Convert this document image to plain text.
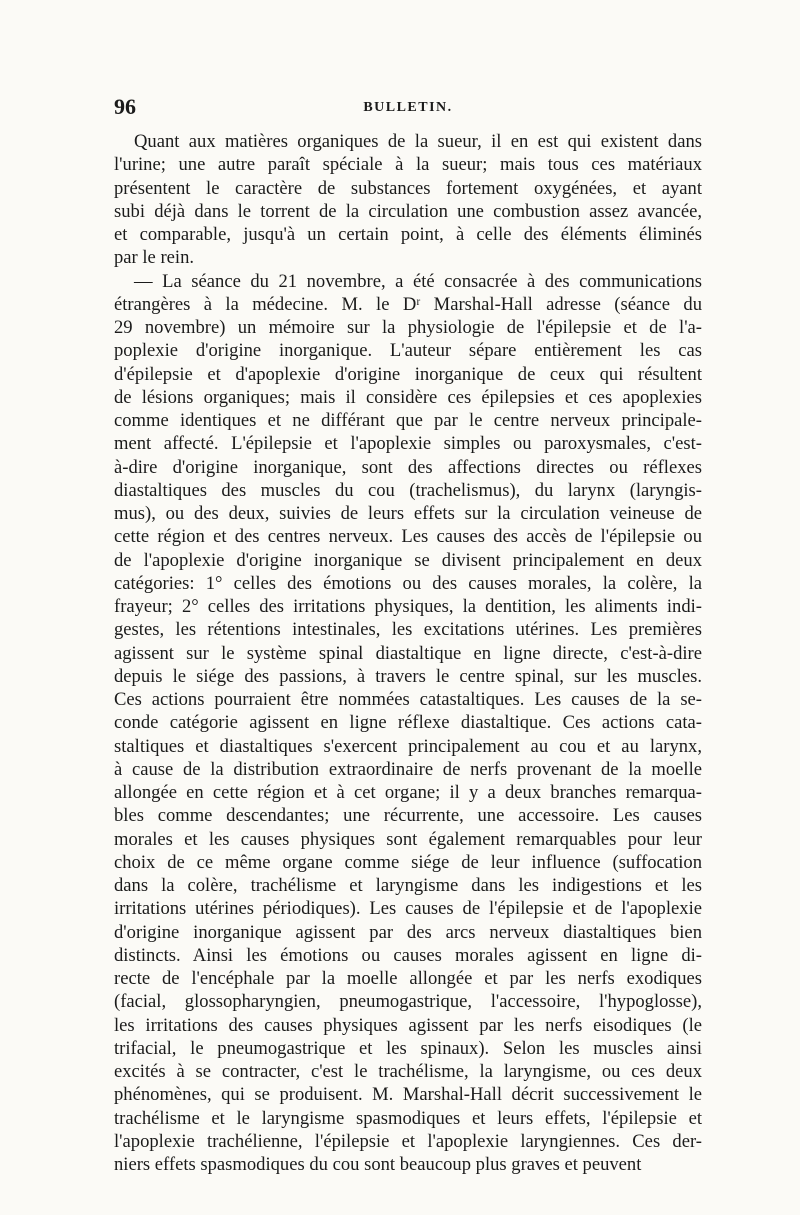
96	BULLETIN.
Quant aux matières organiques de la sueur, il en est qui existent dans
l'urine; une autre paraît spéciale à la sueur; mais tous ces matériaux
présentent le caractère de substances fortement oxygénées, et ayant
subi déjà dans le torrent de la circulation une combustion assez avancée,
et comparable, jusqu'à un certain point, à celle des éléments éliminés
par le rein.
— La séance du 21 novembre, a été consacrée à des communications
étrangères à la médecine. M. le Dʳ Marshal-Hall adresse (séance du
29 novembre) un mémoire sur la physiologie de l'épilepsie et de l'a-
poplexie d'origine inorganique. L'auteur sépare entièrement les cas
d'épilepsie et d'apoplexie d'origine inorganique de ceux qui résultent
de lésions organiques; mais il considère ces épilepsies et ces apoplexies
comme identiques et ne différant que par le centre nerveux principale-
ment affecté. L'épilepsie et l'apoplexie simples ou paroxysmales, c'est-
à-dire d'origine inorganique, sont des affections directes ou réflexes
diastaltiques des muscles du cou (trachelismus), du larynx (laryngis-
mus), ou des deux, suivies de leurs effets sur la circulation veineuse de
cette région et des centres nerveux. Les causes des accès de l'épilepsie ou
de l'apoplexie d'origine inorganique se divisent principalement en deux
catégories: 1° celles des émotions ou des causes morales, la colère, la
frayeur; 2° celles des irritations physiques, la dentition, les aliments indi-
gestes, les rétentions intestinales, les excitations utérines. Les premières
agissent sur le système spinal diastaltique en ligne directe, c'est-à-dire
depuis le siége des passions, à travers le centre spinal, sur les muscles.
Ces actions pourraient être nommées catastaltiques. Les causes de la se-
conde catégorie agissent en ligne réflexe diastaltique. Ces actions cata-
staltiques et diastaltiques s'exercent principalement au cou et au larynx,
à cause de la distribution extraordinaire de nerfs provenant de la moelle
allongée en cette région et à cet organe; il y a deux branches remarqua-
bles comme descendantes; une récurrente, une accessoire. Les causes
morales et les causes physiques sont également remarquables pour leur
choix de ce même organe comme siége de leur influence (suffocation
dans la colère, trachélisme et laryngisme dans les indigestions et les
irritations utérines périodiques). Les causes de l'épilepsie et de l'apoplexie
d'origine inorganique agissent par des arcs nerveux diastaltiques bien
distincts. Ainsi les émotions ou causes morales agissent en ligne di-
recte de l'encéphale par la moelle allongée et par les nerfs exodiques
(facial, glossopharyngien, pneumogastrique, l'accessoire, l'hypoglosse),
les irritations des causes physiques agissent par les nerfs eisodiques (le
trifacial, le pneumogastrique et les spinaux). Selon les muscles ainsi
excités à se contracter, c'est le trachélisme, la laryngisme, ou ces deux
phénomènes, qui se produisent. M. Marshal-Hall décrit successivement le
trachélisme et le laryngisme spasmodiques et leurs effets, l'épilepsie et
l'apoplexie trachélienne, l'épilepsie et l'apoplexie laryngiennes. Ces der-
niers effets spasmodiques du cou sont beaucoup plus graves et peuvent
